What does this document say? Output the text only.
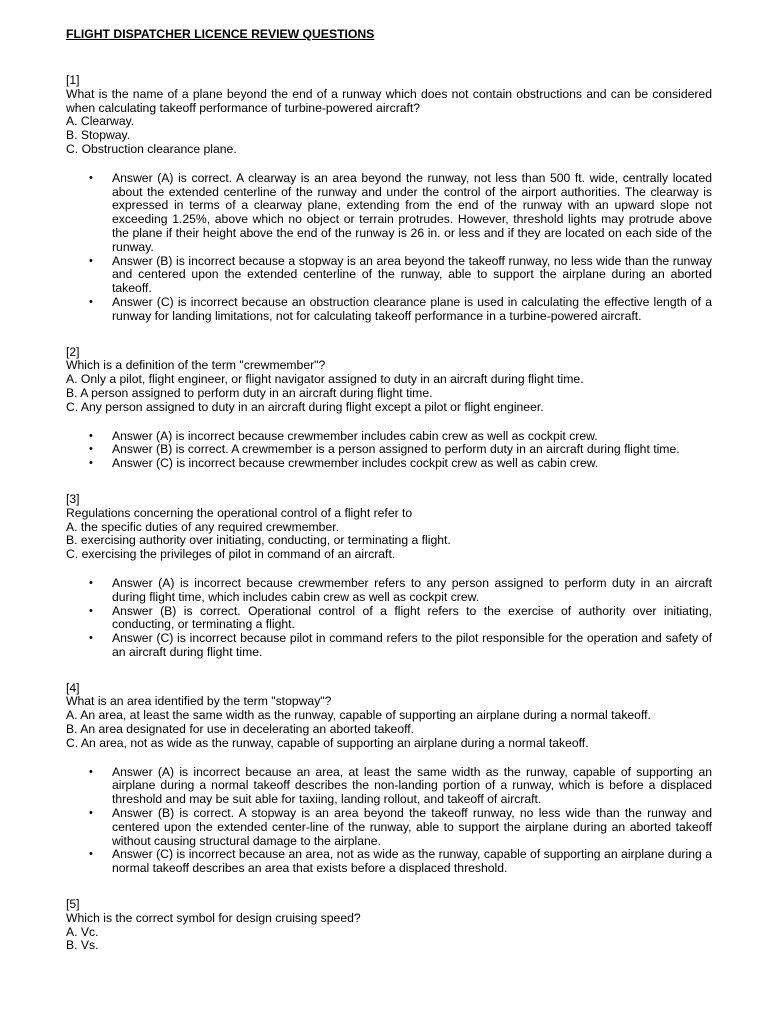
FLIGHT DISPATCHER LICENCE REVIEW QUESTIONS
[1]
What is the name of a plane beyond the end of a runway which does not contain obstructions and can be considered when calculating takeoff performance of turbine-powered aircraft?
A. Clearway.
B. Stopway.
C. Obstruction clearance plane.
• Answer (A) is correct. A clearway is an area beyond the runway, not less than 500 ft. wide, centrally located about the extended centerline of the runway and under the control of the airport authorities. The clearway is expressed in terms of a clearway plane, extending from the end of the runway with an upward slope not exceeding 1.25%, above which no object or terrain protrudes. However, threshold lights may protrude above the plane if their height above the end of the runway is 26 in. or less and if they are located on each side of the runway.
• Answer (B) is incorrect because a stopway is an area beyond the takeoff runway, no less wide than the runway and centered upon the extended centerline of the runway, able to support the airplane during an aborted takeoff.
• Answer (C) is incorrect because an obstruction clearance plane is used in calculating the effective length of a runway for landing limitations, not for calculating takeoff performance in a turbine-powered aircraft.
[2]
Which is a definition of the term "crewmember"?
A. Only a pilot, flight engineer, or flight navigator assigned to duty in an aircraft during flight time.
B. A person assigned to perform duty in an aircraft during flight time.
C. Any person assigned to duty in an aircraft during flight except a pilot or flight engineer.
• Answer (A) is incorrect because crewmember includes cabin crew as well as cockpit crew.
• Answer (B) is correct. A crewmember is a person assigned to perform duty in an aircraft during flight time.
• Answer (C) is incorrect because crewmember includes cockpit crew as well as cabin crew.
[3]
Regulations concerning the operational control of a flight refer to
A. the specific duties of any required crewmember.
B. exercising authority over initiating, conducting, or terminating a flight.
C. exercising the privileges of pilot in command of an aircraft.
• Answer (A) is incorrect because crewmember refers to any person assigned to perform duty in an aircraft during flight time, which includes cabin crew as well as cockpit crew.
• Answer (B) is correct. Operational control of a flight refers to the exercise of authority over initiating, conducting, or terminating a flight.
• Answer (C) is incorrect because pilot in command refers to the pilot responsible for the operation and safety of an aircraft during flight time.
[4]
What is an area identified by the term "stopway"?
A. An area, at least the same width as the runway, capable of supporting an airplane during a normal takeoff.
B. An area designated for use in decelerating an aborted takeoff.
C. An area, not as wide as the runway, capable of supporting an airplane during a normal takeoff.
• Answer (A) is incorrect because an area, at least the same width as the runway, capable of supporting an airplane during a normal takeoff describes the non-landing portion of a runway, which is before a displaced threshold and may be suit able for taxiing, landing rollout, and takeoff of aircraft.
• Answer (B) is correct. A stopway is an area beyond the takeoff runway, no less wide than the runway and centered upon the extended center-line of the runway, able to support the airplane during an aborted takeoff without causing structural damage to the airplane.
• Answer (C) is incorrect because an area, not as wide as the runway, capable of supporting an airplane during a normal takeoff describes an area that exists before a displaced threshold.
[5]
Which is the correct symbol for design cruising speed?
A. Vc.
B. Vs.
